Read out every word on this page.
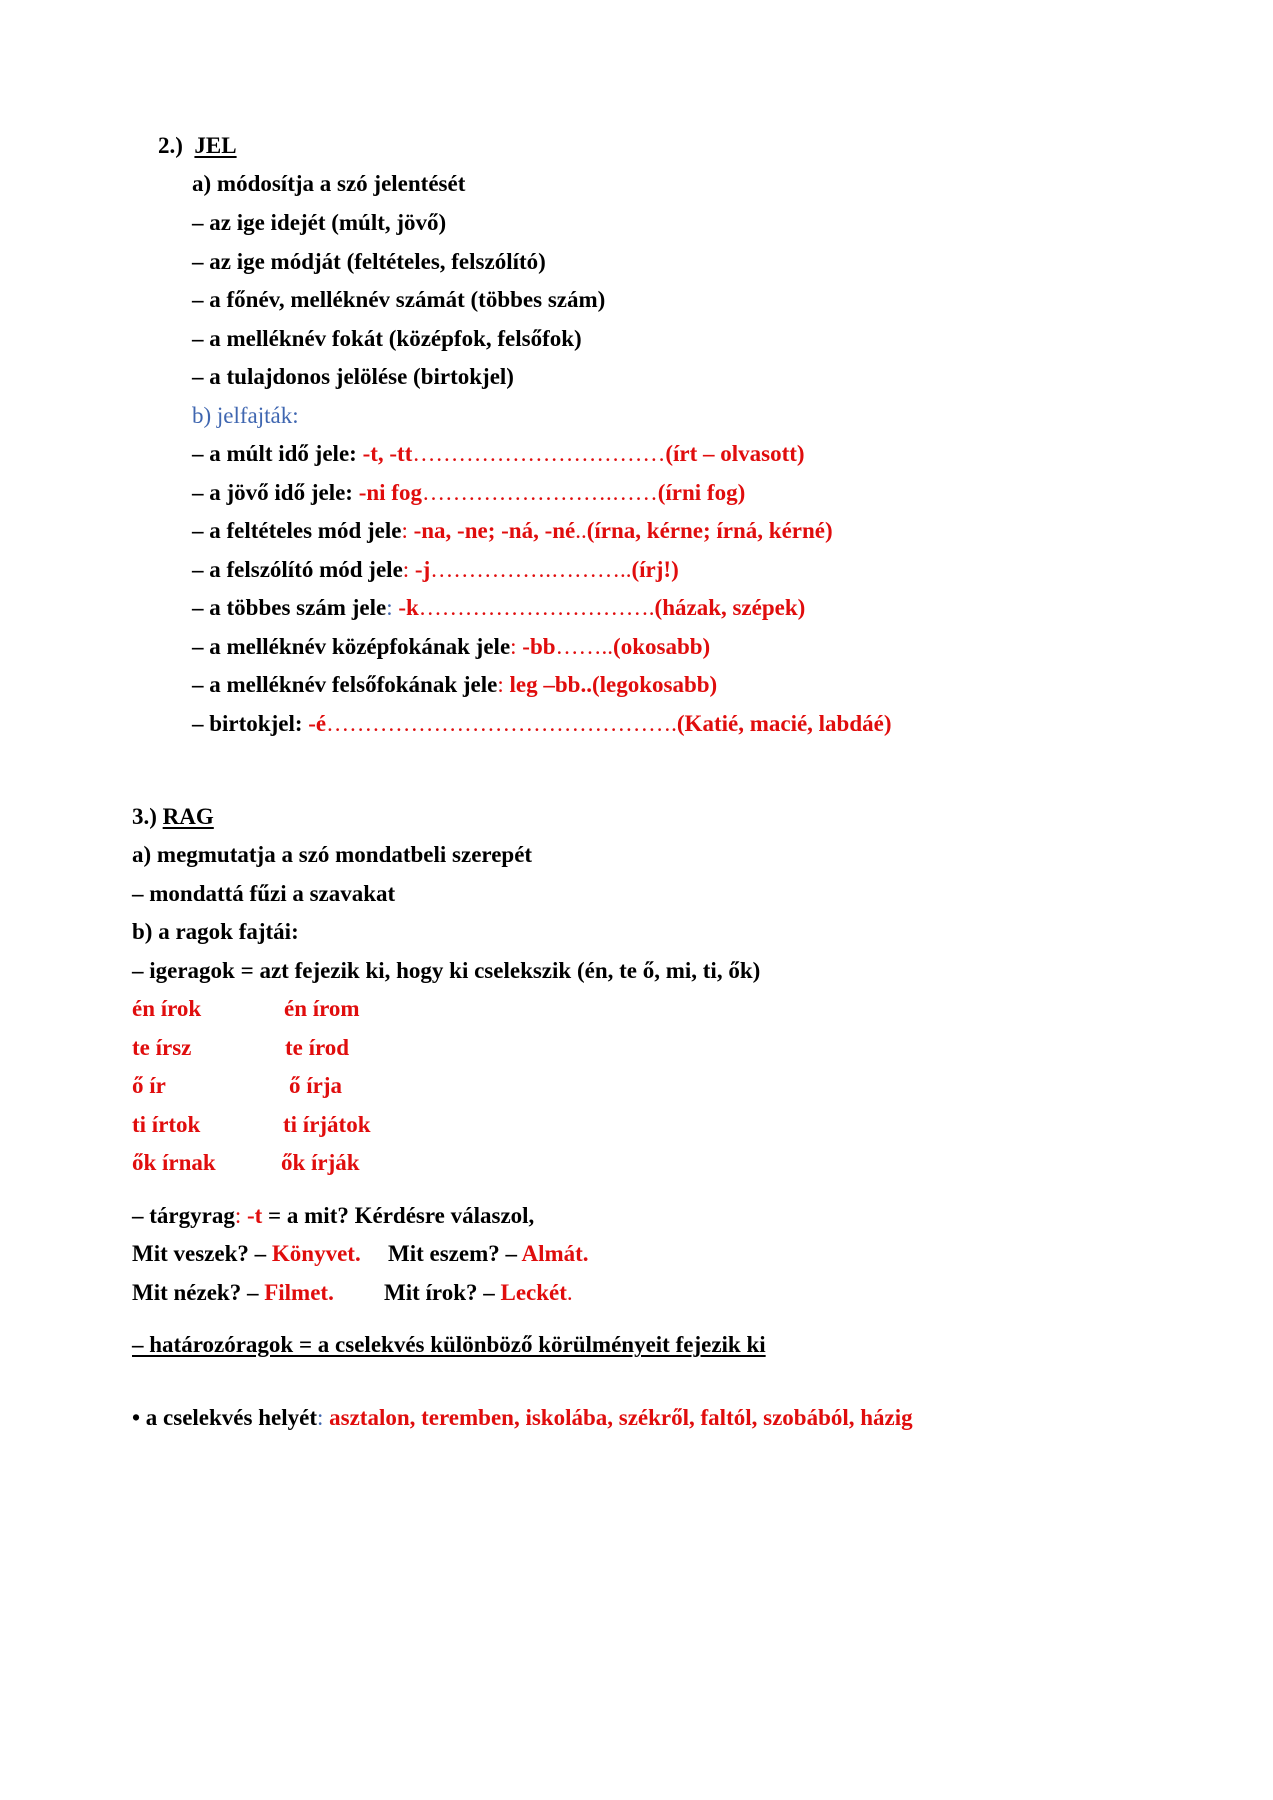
2.) JEL
a) módosítja a szó jelentését
– az ige idejét (múlt, jövő)
– az ige módját (feltételes, felszólító)
– a főnév, melléknév számát (többes szám)
– a melléknév fokát (középfok, felsőfok)
– a tulajdonos jelölése (birtokjel)
b) jelfajták:
– a múlt idő jele: -t, -tt……………………………(írt – olvasott)
– a jövő idő jele: -ni fog…………………….……(írni fog)
– a feltételes mód jele: -na, -ne; -ná, -né..(írna, kérne; írná, kérné)
– a felszólító mód jele: -j…………….………..(írj!)
– a többes szám jele: -k………………………….(házak, szépek)
– a melléknév középfokának jele: -bb……..(okosabb)
– a melléknév felsőfokának jele: leg –bb..(legokosabb)
– birtokjel: -é……………………………………….(Katié, macié, labdáé)
3.) RAG
a) megmutatja a szó mondatbeli szerepét
– mondattá fűzi a szavakat
b) a ragok fajtái:
– igeragok = azt fejezik ki, hogy ki cselekszik (én, te ő, mi, ti, ők)
én írok	én írom
te írsz	te írod
ő ír	ő írja
ti írtok	ti írjátok
ők írnak	ők írják
– tárgyrag: -t = a mit? Kérdésre válaszol,
Mit veszek? – Könyvet. Mit eszem? – Almát.
Mit nézek? – Filmet. Mit írok? – Leckét.
– határozóragok = a cselekvés különböző körülményeit fejezik ki
• a cselekvés helyét: asztalon, teremben, iskolába, székről, faltól, szobából, házig
